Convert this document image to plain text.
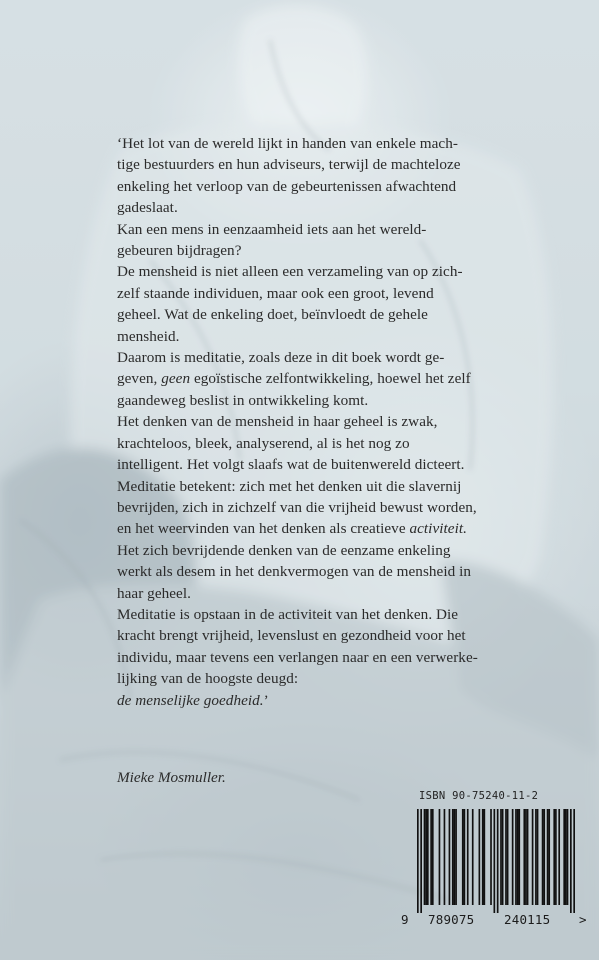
‘Het lot van de wereld lijkt in handen van enkele mach-

tige bestuurders en hun adviseurs, terwijl de machteloze

enkeling het verloop van de gebeurtenissen afwachtend

gadeslaat.

Kan een mens in eenzaamheid iets aan het wereld-

gebeuren bijdragen?

De mensheid is niet alleen een verzameling van op zich-

zelf staande individuen, maar ook een groot, levend

geheel. Wat de enkeling doet, beïnvloedt de gehele

mensheid.

Daarom is meditatie, zoals deze in dit boek wordt ge-

geven, geen egoïstische zelfontwikkeling, hoewel het zelf

gaandeweg beslist in ontwikkeling komt.

Het denken van de mensheid in haar geheel is zwak,

krachteloos, bleek, analyserend, al is het nog zo

intelligent. Het volgt slaafs wat de buitenwereld dicteert.

Meditatie betekent: zich met het denken uit die slavernij

bevrijden, zich in zichzelf van die vrijheid bewust worden,

en het weervinden van het denken als creatieve activiteit.

Het zich bevrijdende denken van de eenzame enkeling

werkt als desem in het denkvermogen van de mensheid in

haar geheel.

Meditatie is opstaan in de activiteit van het denken. Die

kracht brengt vrijheid, levenslust en gezondheid voor het

individu, maar tevens een verlangen naar en een verwerke-

lijking van de hoogste deugd:

de menselijke goedheid.’

Mieke Mosmuller.
ISBN 90-75240-11-2
9 789075 240115 >
